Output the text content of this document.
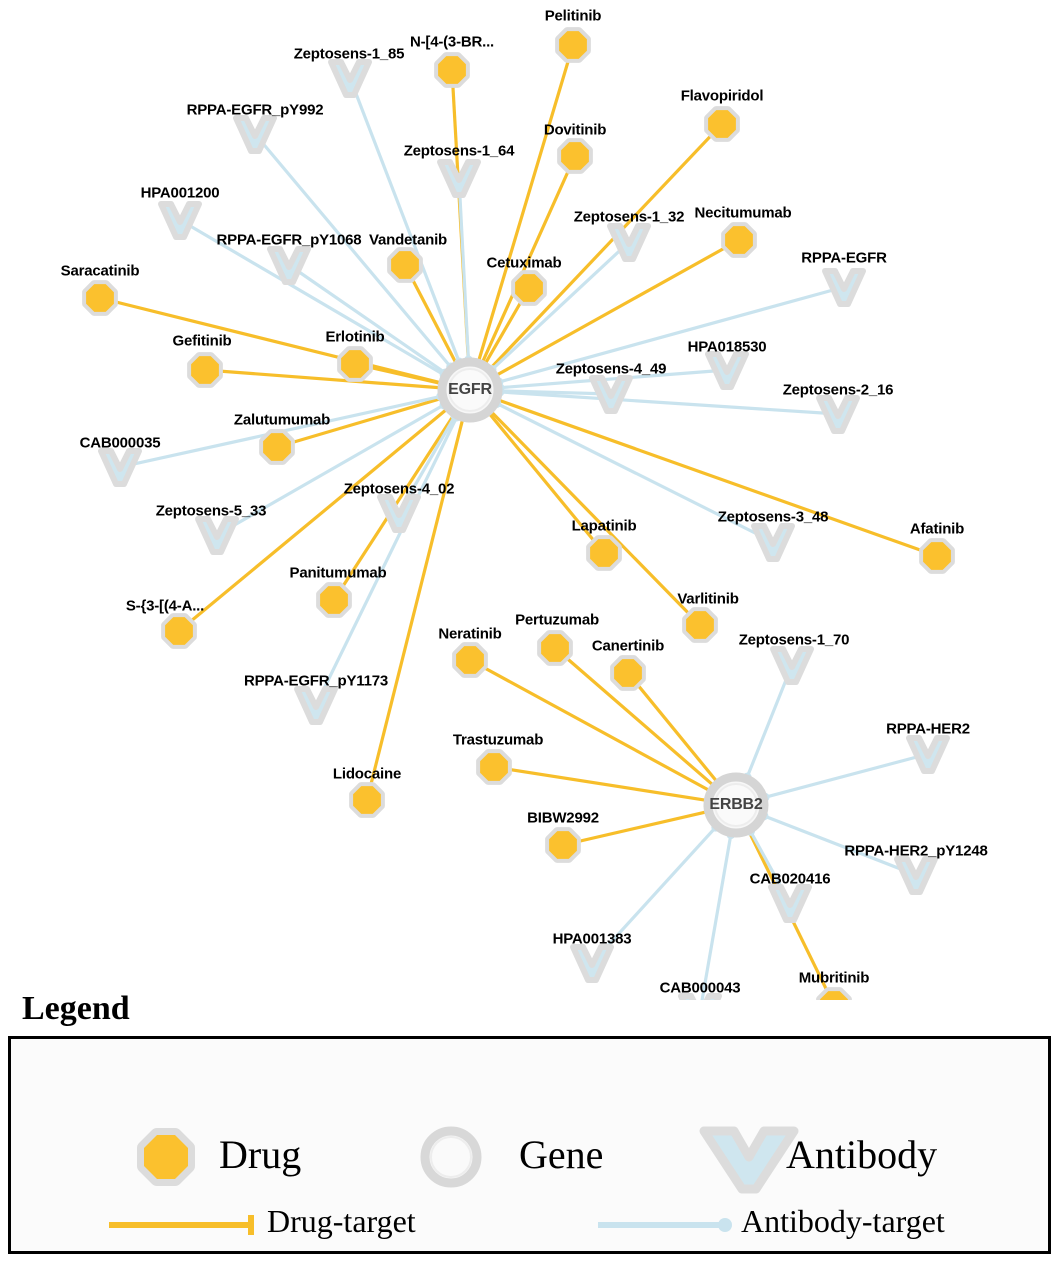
Pelitinib
N-[4-(3-BR...
Flavopiridol
Dovitinib
Necitumumab
Vandetanib
Cetuximab
Saracatinib
Erlotinib
Gefitinib
Zalutumumab
Afatinib
Lapatinib
Varlitinib
Panitumumab
S-{3-[(4-A...
Pertuzumab
Neratinib
Canertinib
Trastuzumab
Lidocaine
BIBW2992
Mubritinib
Zeptosens-1_85
RPPA-EGFR_pY992
Zeptosens-1_64
HPA001200
Zeptosens-1_32
RPPA-EGFR_pY1068
RPPA-EGFR
HPA018530
Zeptosens-4_49
Zeptosens-2_16
CAB000035
Zeptosens-4_02
Zeptosens-5_33	Zeptosens-3_48
Zeptosens-1_70
RPPA-EGFR_pY1173
RPPA-HER2
RPPA-HER2_pY1248
CAB020416
HPA001383
CAB000043
EGFR
ERBB2
Legend
Drug	Gene	Antibody
Drug-target	Antibody-target
